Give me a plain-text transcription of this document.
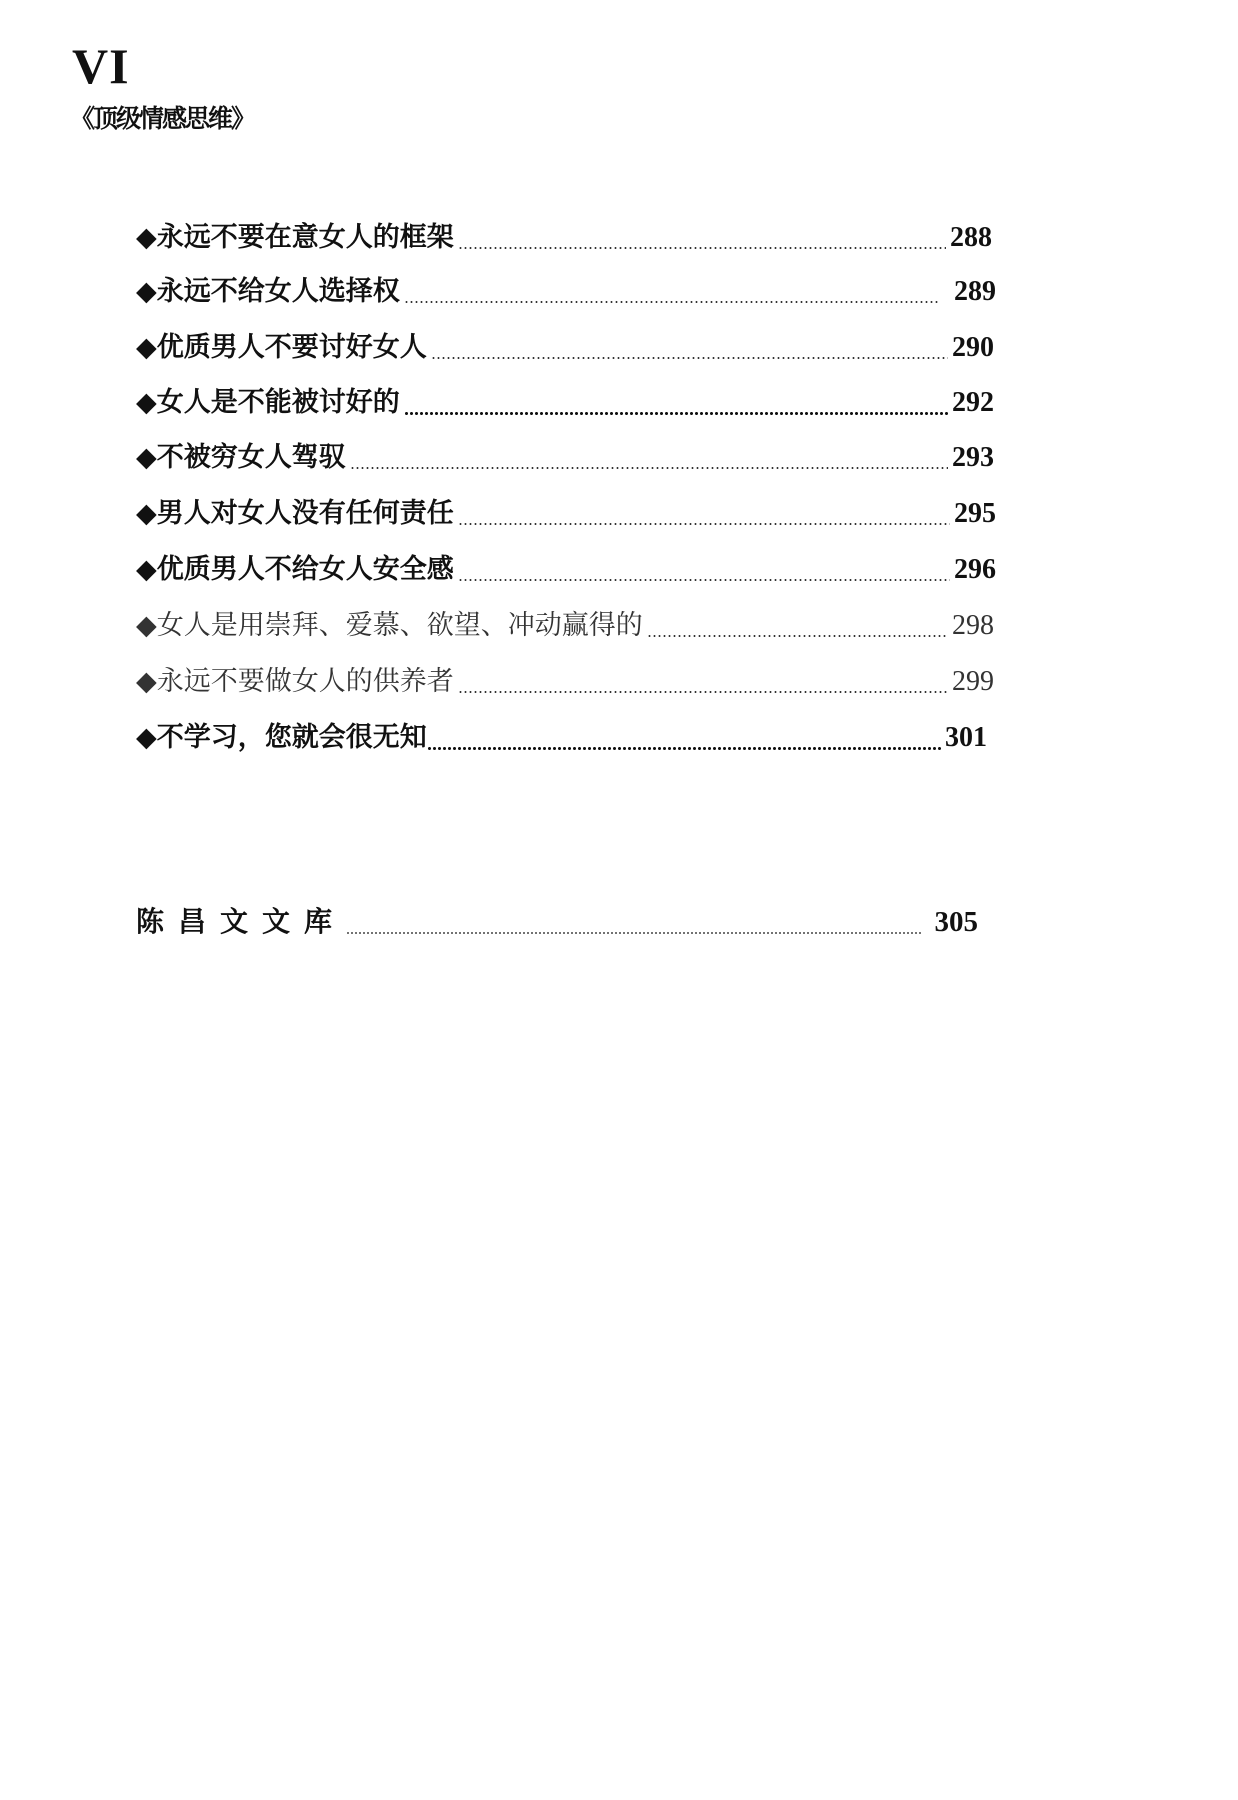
VI
《顶级情感思维》
◆永远不要在意女人的框架	288
◆永远不给女人选择权	289
◆优质男人不要讨好女人	290
◆女人是不能被讨好的	292
◆不被穷女人驾驭	293
◆男人对女人没有任何责任	295
◆优质男人不给女人安全感	296
◆女人是用崇拜、爱慕、欲望、冲动赢得的	298
◆永远不要做女人的供养者	299
◆不学习，您就会很无知	301
陈昌文文库	305
